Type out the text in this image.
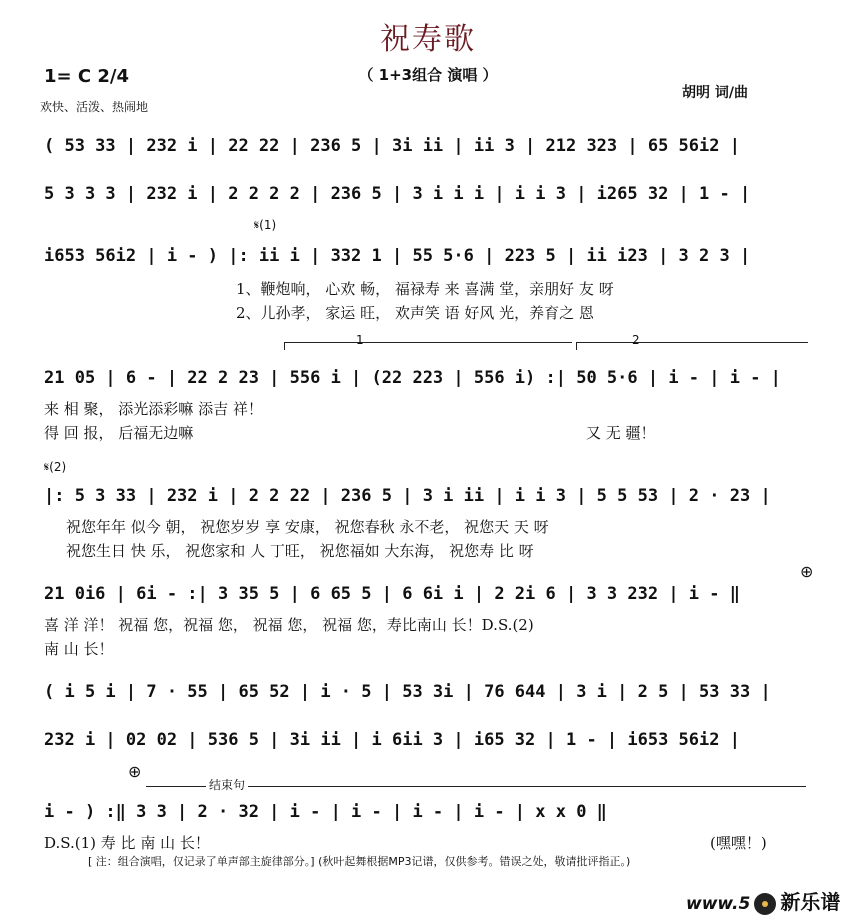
祝寿歌
（ 1+3组合 演唱 ）
1= C 2/4
欢快、活泼、热闹地
胡明 词/曲
( 53 33 | 232 i | 22 22 | 236 5 | 3i ii | ii 3 | 212 323 | 65 56i2 |
5 3 3 3 | 232 i | 2 2 2 2 | 236 5 | 3 i i i | i i 3 | i265 32 | 1 - |
𝄋(1)
i653 56i2 | i - ) |: ii i | 332 1 | 55 5·6 | 223 5 | ii i23 | 3 2 3 |
1、鞭炮响， 心欢 畅， 福禄寿 来 喜满 堂，亲朋好 友 呀
2、儿孙孝， 家运 旺， 欢声笑 语 好风 光，养育之 恩
1	2
21 05 | 6 - | 22 2 23 | 556 i | (22 223 | 556 i) :| 50 5·6 | i - | i - |
来 相 聚， 添光添彩嘛 添吉 祥！
得 回 报， 后福无边嘛	又 无 疆！
𝄋(2)
|: 5 3 33 | 232 i | 2 2 22 | 236 5 | 3 i ii | i i 3 | 5 5 53 | 2 · 23 |
祝您年年 似今 朝， 祝您岁岁 享 安康， 祝您春秋 永不老， 祝您天 天 呀
祝您生日 快 乐， 祝您家和 人 丁旺， 祝您福如 大东海， 祝您寿 比 呀
21 0i6 | 6i - :| 3 35 5 | 6 65 5 | 6 6i i | 2 2i 6 | 3 3 232 | i - ‖
⊕
喜 洋 洋！ 祝福 您，祝福 您， 祝福 您， 祝福 您，寿比南山 长！D.S.(2)
南 山 长！
( i 5 i | 7 · 55 | 65 52 | i · 5 | 53 3i | 76 644 | 3 i | 2 5 | 53 33 |
232 i | 02 02 | 536 5 | 3i ii | i 6ii 3 | i65 32 | 1 - | i653 56i2 |
⊕
结束句
i - ) :‖ 3 3 | 2 · 32 | i - | i - | i - | i - | x x 0 ‖
D.S.(1) 寿 比 南 山 长！	(嘿嘿！)
[ 注：组合演唱，仅记录了单声部主旋律部分。] (秋叶起舞根据MP3记谱，仅供参考。错误之处，敬请批评指正。)
www.5 新乐谱
